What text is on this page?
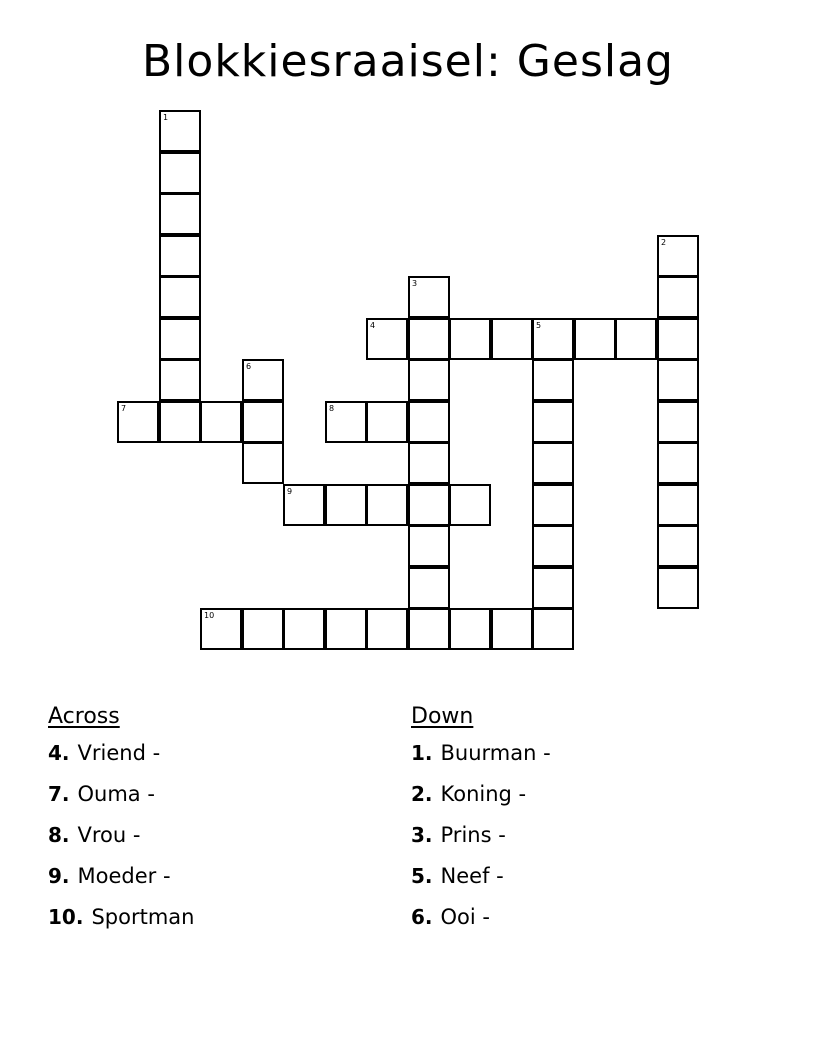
Blokkiesraaisel: Geslag
1
2
3
4	5
6
7	8
9
10
Across
4. Vriend -
7. Ouma -
8. Vrou -
9. Moeder -
10. Sportman
Down
1. Buurman -
2. Koning -
3. Prins -
5. Neef -
6. Ooi -
